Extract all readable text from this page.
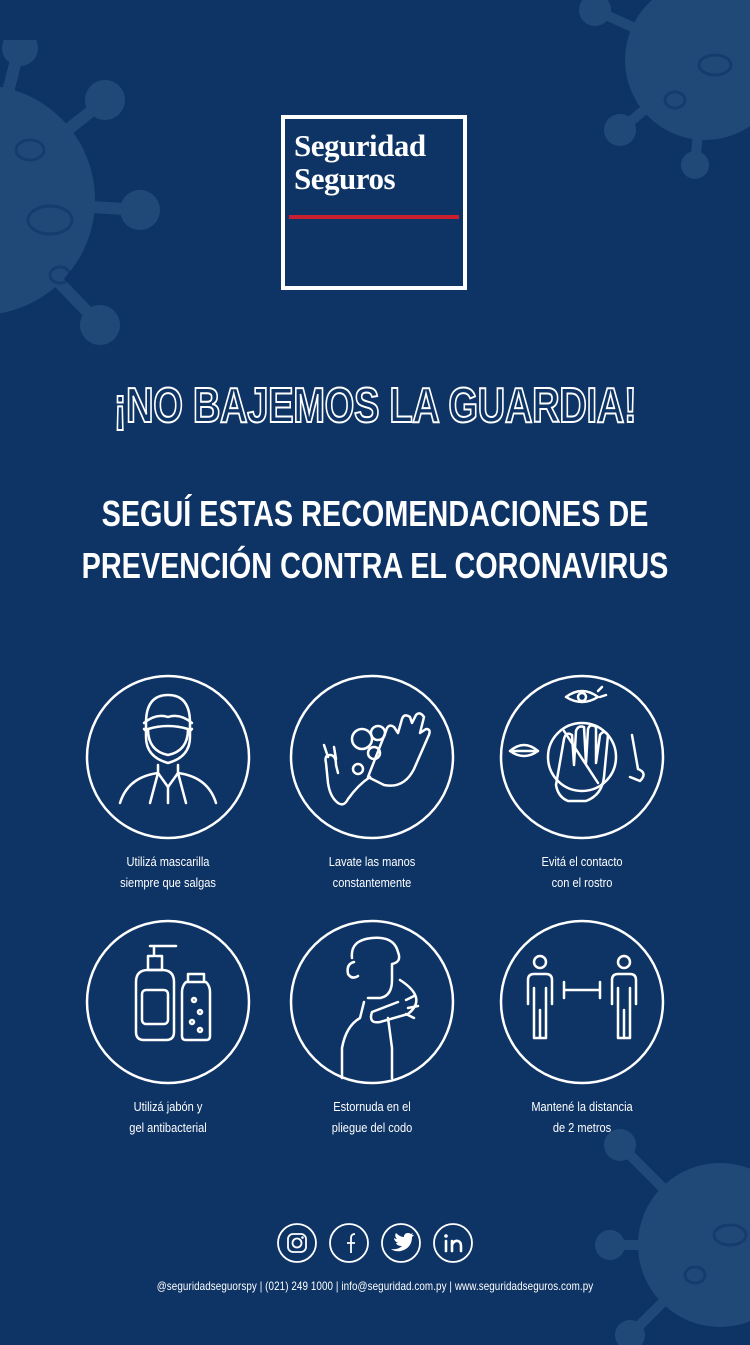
Seguridad
Seguros
¡NO BAJEMOS LA GUARDIA!
SEGUÍ ESTAS RECOMENDACIONES DE
PREVENCIÓN CONTRA EL CORONAVIRUS
Utilizá mascarilla
siempre que salgas
Lavate las manos
constantemente
Evitá el contacto
con el rostro
Utilizá jabón y
gel antibacterial
Estornuda en el
pliegue del codo
Mantené la distancia
de 2 metros
@seguridadseguorspy | (021) 249 1000 | info@seguridad.com.py | www.seguridadseguros.com.py
